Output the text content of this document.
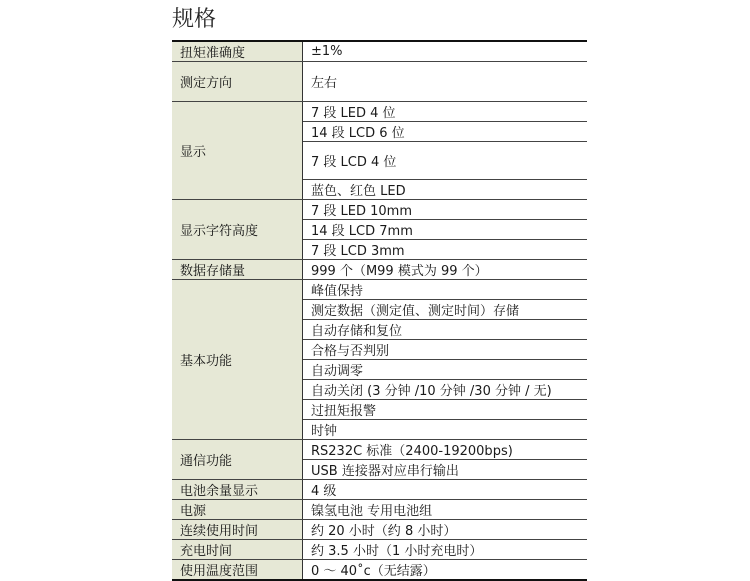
规格
扭矩准确度	±1%
测定方向	左右
显示	7 段 LED 4 位
	14 段 LCD 6 位
	7 段 LCD 4 位
	蓝色、红色 LED
显示字符高度	7 段 LED 10mm
	14 段 LCD 7mm
	7 段 LCD 3mm
数据存储量	999 个（M99 模式为 99 个）
基本功能	峰值保持
	测定数据（测定值、测定时间）存储
	自动存储和复位
	合格与否判别
	自动调零
	自动关闭 (3 分钟 /10 分钟 /30 分钟 / 无)
	过扭矩报警
	时钟
通信功能	RS232C 标准（2400-19200bps)
	USB 连接器对应串行输出
电池余量显示	4 级
电源	镍氢电池 专用电池组
连续使用时间	约 20 小时（约 8 小时）
充电时间	约 3.5 小时（1 小时充电时）
使用温度范围	0 ～ 40˚c（无结露）
